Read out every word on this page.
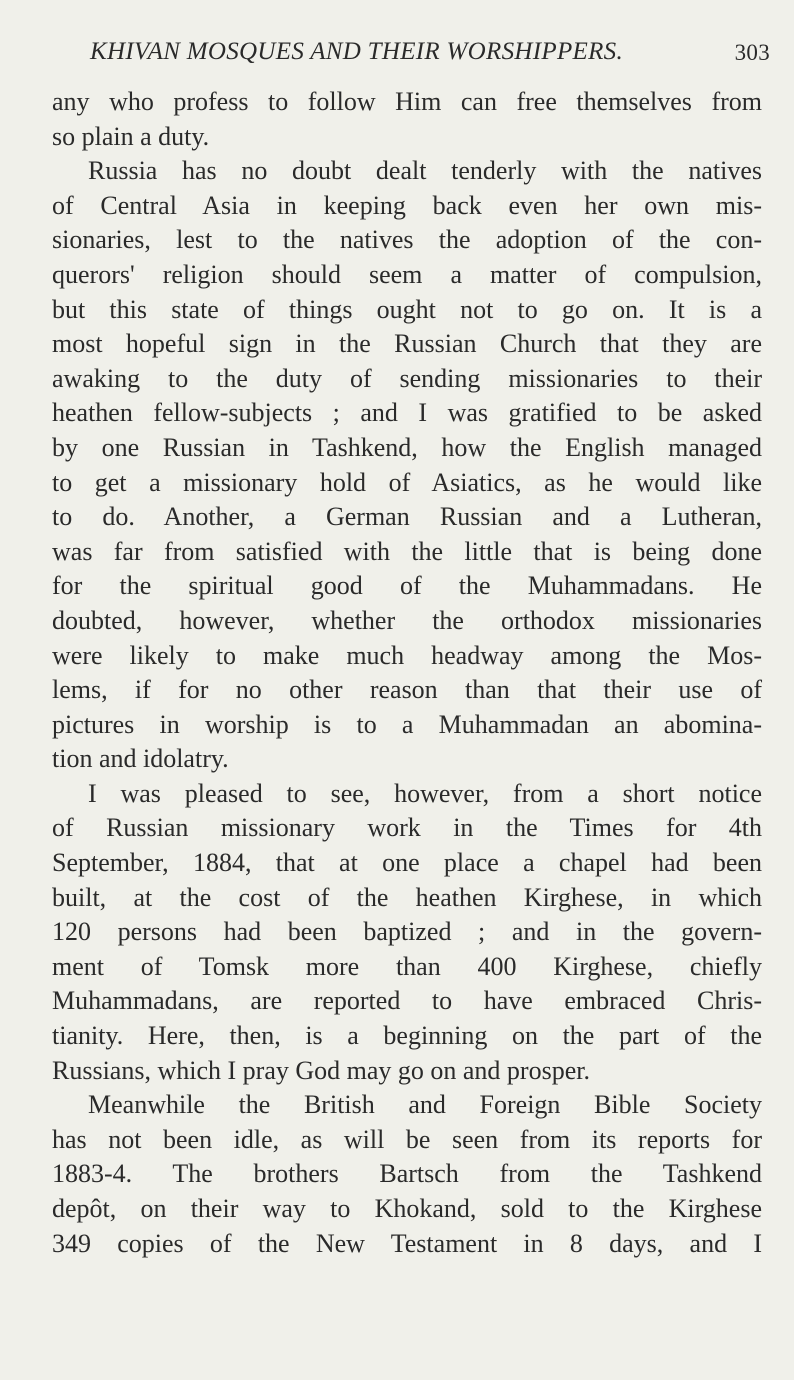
KHIVAN MOSQUES AND THEIR WORSHIPPERS.	303
any who profess to follow Him can free themselves from
so plain a duty.
Russia has no doubt dealt tenderly with the natives
of Central Asia in keeping back even her own mis-
sionaries, lest to the natives the adoption of the con-
querors' religion should seem a matter of compulsion,
but this state of things ought not to go on. It is a
most hopeful sign in the Russian Church that they are
awaking to the duty of sending missionaries to their
heathen fellow-subjects ; and I was gratified to be asked
by one Russian in Tashkend, how the English managed
to get a missionary hold of Asiatics, as he would like
to do. Another, a German Russian and a Lutheran,
was far from satisfied with the little that is being done
for the spiritual good of the Muhammadans. He
doubted, however, whether the orthodox missionaries
were likely to make much headway among the Mos-
lems, if for no other reason than that their use of
pictures in worship is to a Muhammadan an abomina-
tion and idolatry.
I was pleased to see, however, from a short notice
of Russian missionary work in the Times for 4th
September, 1884, that at one place a chapel had been
built, at the cost of the heathen Kirghese, in which
120 persons had been baptized ; and in the govern-
ment of Tomsk more than 400 Kirghese, chiefly
Muhammadans, are reported to have embraced Chris-
tianity. Here, then, is a beginning on the part of the
Russians, which I pray God may go on and prosper.
Meanwhile the British and Foreign Bible Society
has not been idle, as will be seen from its reports for
1883-4. The brothers Bartsch from the Tashkend
depôt, on their way to Khokand, sold to the Kirghese
349 copies of the New Testament in 8 days, and I
